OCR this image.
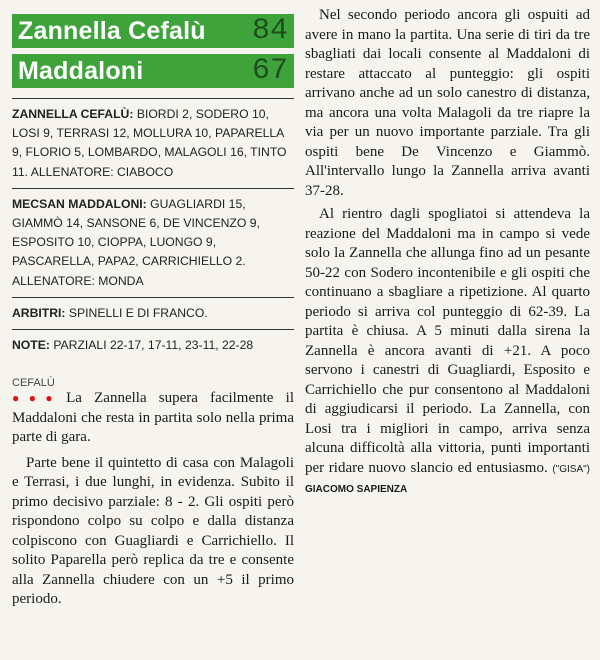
Zannella Cefalù 84
Maddaloni	67
ZANNELLA CEFALÙ: BIORDI 2, SODERO 10, LOSI 9, TERRASI 12, MOLLURA 10, PAPARELLA 9, FLORIO 5, LOMBARDO, MALAGOLI 16, TINTO 11. ALLENATORE: CIABOCO
MECSAN MADDALONI: GUAGLIARDI 15, GIAMMÒ 14, SANSONE 6, DE VINCENZO 9, ESPOSITO 10, CIOPPA, LUONGO 9, PASCARELLA, PAPA2, CARRICHIELLO 2. ALLENATORE: MONDA
ARBITRI: SPINELLI E DI FRANCO.
NOTE: PARZIALI 22-17, 17-11, 23-11, 22-28
CEFALÙ

●●● La Zannella supera facilmente il Maddaloni che resta in partita solo nella prima parte di gara.

Parte bene il quintetto di casa con Malagoli e Terrasi, i due lunghi, in evidenza. Subito il primo decisivo parziale: 8 - 2. Gli ospiti però rispondono colpo su colpo e dalla distanza colpiscono con Guagliardi e Carrichiello. Il solito Paparella però replica da tre e consente alla Zannella chiudere con un +5 il primo periodo.

Nel secondo periodo ancora gli ospuiti ad avere in mano la partita. Una serie di tiri da tre sbagliati dai locali consente al Maddaloni di restare attaccato al punteggio: gli ospiti arrivano anche ad un solo canestro di distanza, ma ancora una volta Malagoli da tre riapre la via per un nuovo importante parziale. Tra gli ospiti bene De Vincenzo e Giammò. All'intervallo lungo la Zannella arriva avanti 37-28.

Al rientro dagli spogliatoi si attendeva la reazione del Maddaloni ma in campo si vede solo la Zannella che allunga fino ad un pesante 50-22 con Sodero incontenibile e gli ospiti che continuano a sbagliare a ripetizione. Al quarto periodo si arriva col punteggio di 62-39. La partita è chiusa. A 5 minuti dalla sirena la Zannella è ancora avanti di +21. A poco servono i canestri di Guagliardi, Esposito e Carrichiello che pur consentono al Maddaloni di aggiudicarsi il periodo. La Zannella, con Losi tra i migliori in campo, arriva senza alcuna difficoltà alla vittoria, punti importanti per ridare nuovo slancio ed entusiasmo. ("GISA") GIACOMO SAPIENZA
